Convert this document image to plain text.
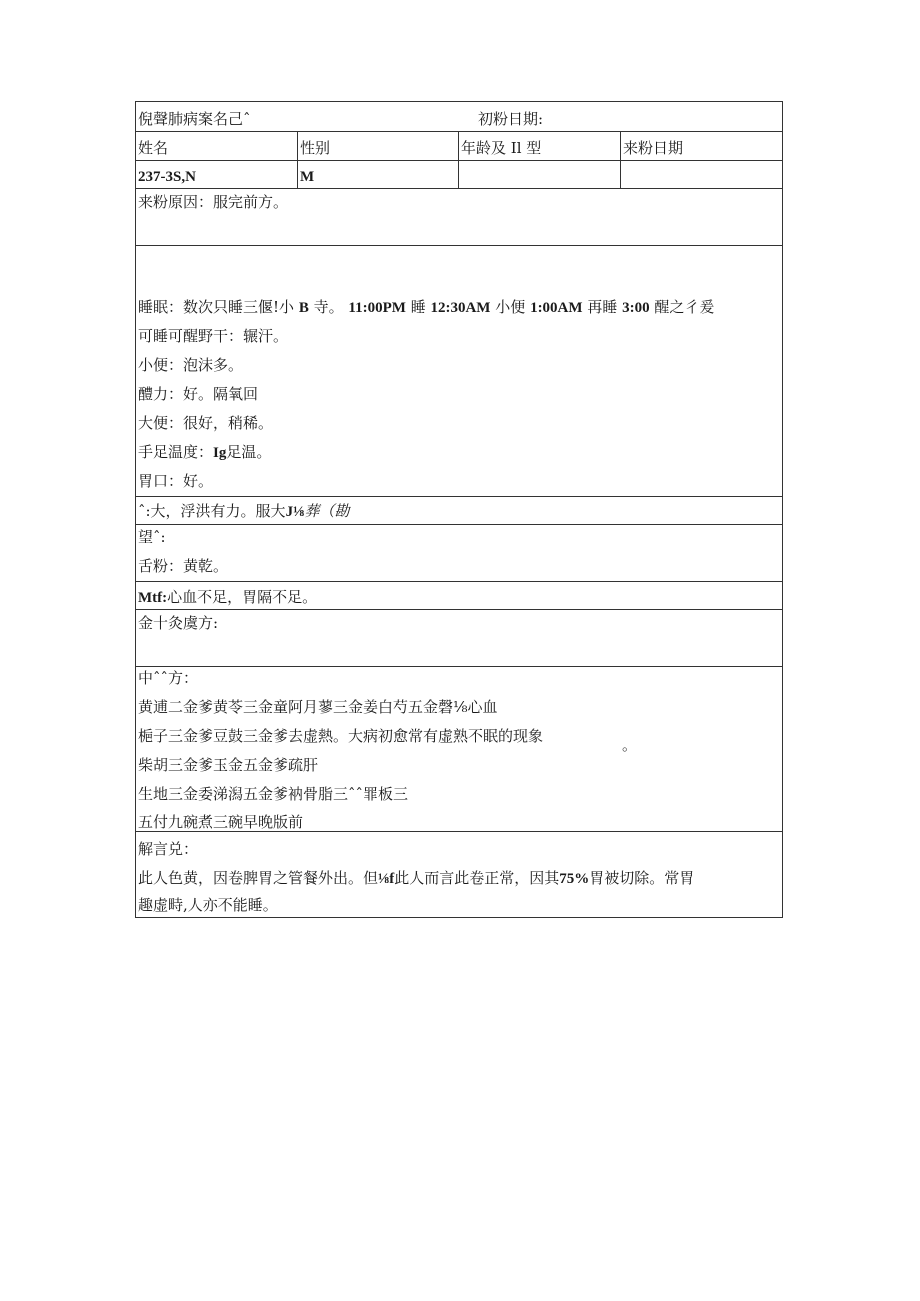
倪聲肺病案名己ˆ	初粉日期:
姓名	性别	年龄及 Il 型	来粉日期
237-3S,N	M
来粉原因：服完前方。
睡眠：数次只睡三偃!小 B 寺。 11:00PM 睡 12:30AM 小便 1:00AM 再睡 3:00 醒之彳爰
可睡可醒野干：辗汗。
小便：泡沫多。
醴力：好。隔氧回
大便：很好，稍稀。
手足温度：Ig足温。
胃口：好。
ˆ:大，浮洪有力。服大J⅛葬（勘
望ˆ:
舌粉：黄乾。
Mtf:心血不足，胃隔不足。
金十灸虞方:
中ˆˆ方：
黄逋二金爹黄苓三金童阿月蓼三金姜白芍五金磬⅛心血
梔子三金爹豆鼓三金爹去虚熱。大病初愈常有虚熟不眠的现象	。
柴胡三金爹玉金五金爹疏肝
生地三金委涕潟五金爹衲骨脂三ˆˆ罪板三
五付九碗煮三碗早晚版前
解言兑：
此人色黄，因卷脾胃之管餐外出。但⅛f此人而言此卷正常，因其75%胃被切除。常胃
趣虚畤,人亦不能睡。
